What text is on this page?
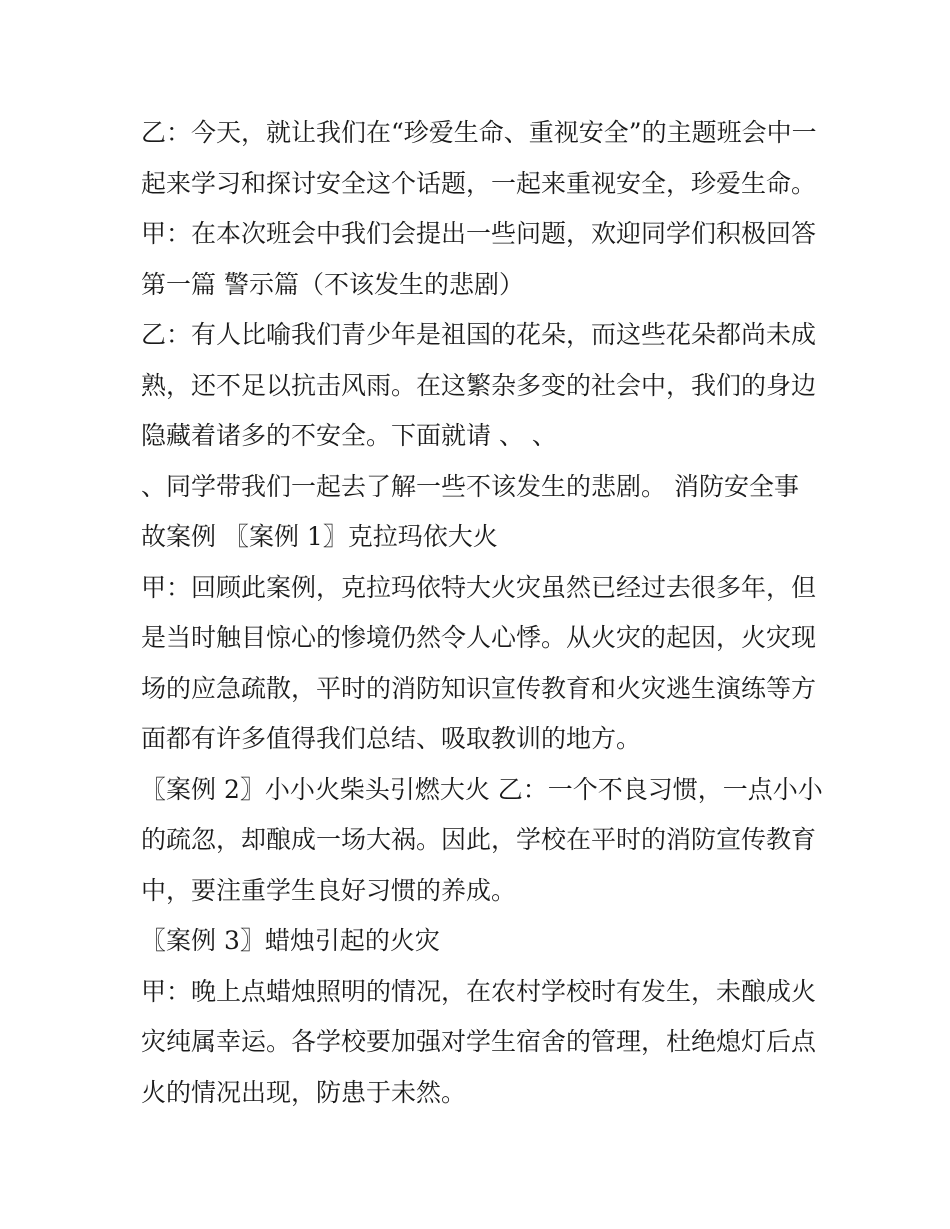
乙：今天，就让我们在“珍爱生命、重视安全”的主题班会中一
起来学习和探讨安全这个话题，一起来重视安全，珍爱生命。
甲：在本次班会中我们会提出一些问题，欢迎同学们积极回答
第一篇 警示篇（不该发生的悲剧）
乙：有人比喻我们青少年是祖国的花朵，而这些花朵都尚未成
熟，还不足以抗击风雨。在这繁杂多变的社会中，我们的身边
隐藏着诸多的不安全。下面就请 、 、
、同学带我们一起去了解一些不该发生的悲剧。 消防安全事
故案例 〖案例 1〗克拉玛依大火
甲：回顾此案例，克拉玛依特大火灾虽然已经过去很多年，但
是当时触目惊心的惨境仍然令人心悸。从火灾的起因，火灾现
场的应急疏散，平时的消防知识宣传教育和火灾逃生演练等方
面都有许多值得我们总结、吸取教训的地方。
〖案例 2〗小小火柴头引燃大火 乙：一个不良习惯，一点小小
的疏忽，却酿成一场大祸。因此，学校在平时的消防宣传教育
中，要注重学生良好习惯的养成。
〖案例 3〗蜡烛引起的火灾
甲：晚上点蜡烛照明的情况，在农村学校时有发生，未酿成火
灾纯属幸运。各学校要加强对学生宿舍的管理，杜绝熄灯后点
火的情况出现，防患于未然。
